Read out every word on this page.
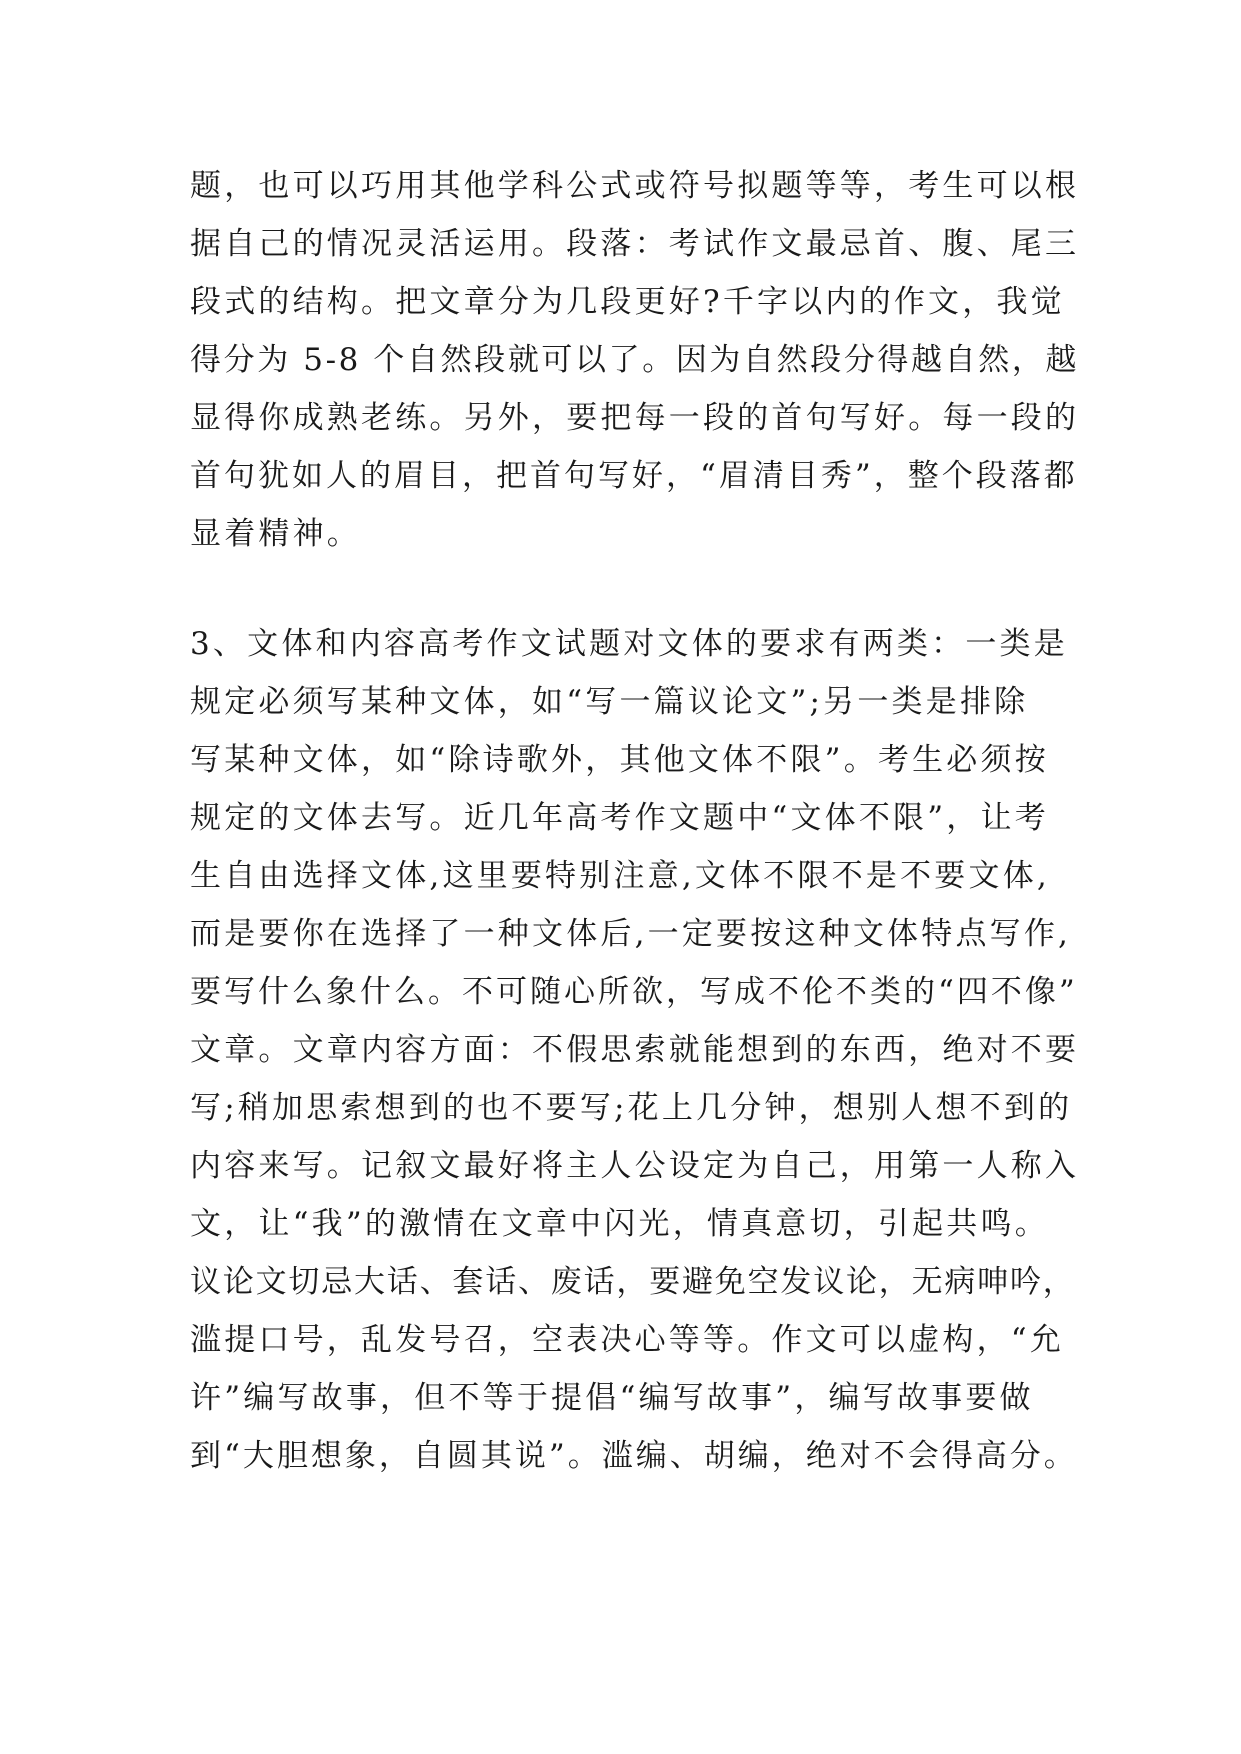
题，也可以巧用其他学科公式或符号拟题等等，考生可以根
据自己的情况灵活运用。段落：考试作文最忌首、腹、尾三
段式的结构。把文章分为几段更好?千字以内的作文，我觉
得分为 5-8 个自然段就可以了。因为自然段分得越自然，越
显得你成熟老练。另外，要把每一段的首句写好。每一段的
首句犹如人的眉目，把首句写好，“眉清目秀”，整个段落都
显着精神。
3、文体和内容高考作文试题对文体的要求有两类：一类是
规定必须写某种文体，如“写一篇议论文”;另一类是排除
写某种文体，如“除诗歌外，其他文体不限”。考生必须按
规定的文体去写。近几年高考作文题中“文体不限”，让考
生自由选择文体,这里要特别注意,文体不限不是不要文体,
而是要你在选择了一种文体后,一定要按这种文体特点写作,
要写什么象什么。不可随心所欲，写成不伦不类的“四不像”
文章。文章内容方面：不假思索就能想到的东西，绝对不要
写;稍加思索想到的也不要写;花上几分钟，想别人想不到的
内容来写。记叙文最好将主人公设定为自己，用第一人称入
文，让“我”的激情在文章中闪光，情真意切，引起共鸣。
议论文切忌大话、套话、废话，要避免空发议论，无病呻吟，
滥提口号，乱发号召，空表决心等等。作文可以虚构，“允
许”编写故事，但不等于提倡“编写故事”，编写故事要做
到“大胆想象，自圆其说”。滥编、胡编，绝对不会得高分。
